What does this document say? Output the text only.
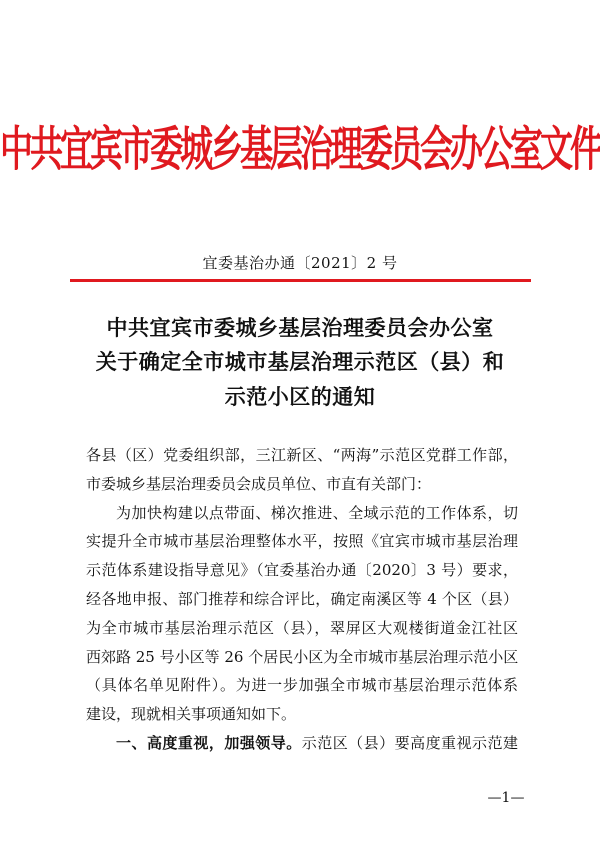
中共宜宾市委城乡基层治理委员会办公室文件
宜委基治办通〔2021〕2 号
中共宜宾市委城乡基层治理委员会办公室
关于确定全市城市基层治理示范区（县）和
示范小区的通知
各县（区）党委组织部，三江新区、“两海”示范区党群工作部，
市委城乡基层治理委员会成员单位、市直有关部门：
为加快构建以点带面、梯次推进、全域示范的工作体系，切
实提升全市城市基层治理整体水平，按照《宜宾市城市基层治理
示范体系建设指导意见》（宜委基治办通〔2020〕3 号）要求，
经各地申报、部门推荐和综合评比，确定南溪区等 4 个区（县）
为全市城市基层治理示范区（县），翠屏区大观楼街道金江社区
西郊路 25 号小区等 26 个居民小区为全市城市基层治理示范小区
（具体名单见附件）。为进一步加强全市城市基层治理示范体系
建设，现就相关事项通知如下。
一、高度重视，加强领导。示范区（县）要高度重视示范建
—1—
